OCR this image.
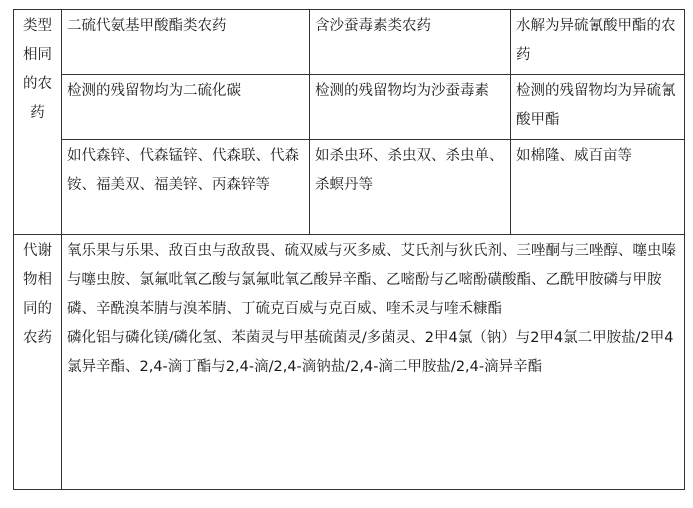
类型相同的农药	二硫代氨基甲酸酯类农药	含沙蚕毒素类农药	水解为异硫氰酸甲酯的农药
	检测的残留物均为二硫化碳	检测的残留物均为沙蚕毒素	检测的残留物均为异硫氰酸甲酯
	如代森锌、代森锰锌、代森联、代森铵、福美双、福美锌、丙森锌等	如杀虫环、杀虫双、杀虫单、杀螟丹等	如棉隆、威百亩等
代谢物相同的农药	氧乐果与乐果、敌百虫与敌敌畏、硫双威与灭多威、艾氏剂与狄氏剂、三唑酮与三唑醇、噻虫嗪与噻虫胺、氯氟吡氧乙酸与氯氟吡氧乙酸异辛酯、乙嘧酚与乙嘧酚磺酸酯、乙酰甲胺磷与甲胺磷、辛酰溴苯腈与溴苯腈、丁硫克百威与克百威、喹禾灵与喹禾糠酯
磷化铝与磷化镁/磷化氢、苯菌灵与甲基硫菌灵/多菌灵、2甲4氯（钠）与2甲4氯二甲胺盐/2甲4氯异辛酯、2,4-滴丁酯与2,4-滴/2,4-滴钠盐/2,4-滴二甲胺盐/2,4-滴异辛酯		
